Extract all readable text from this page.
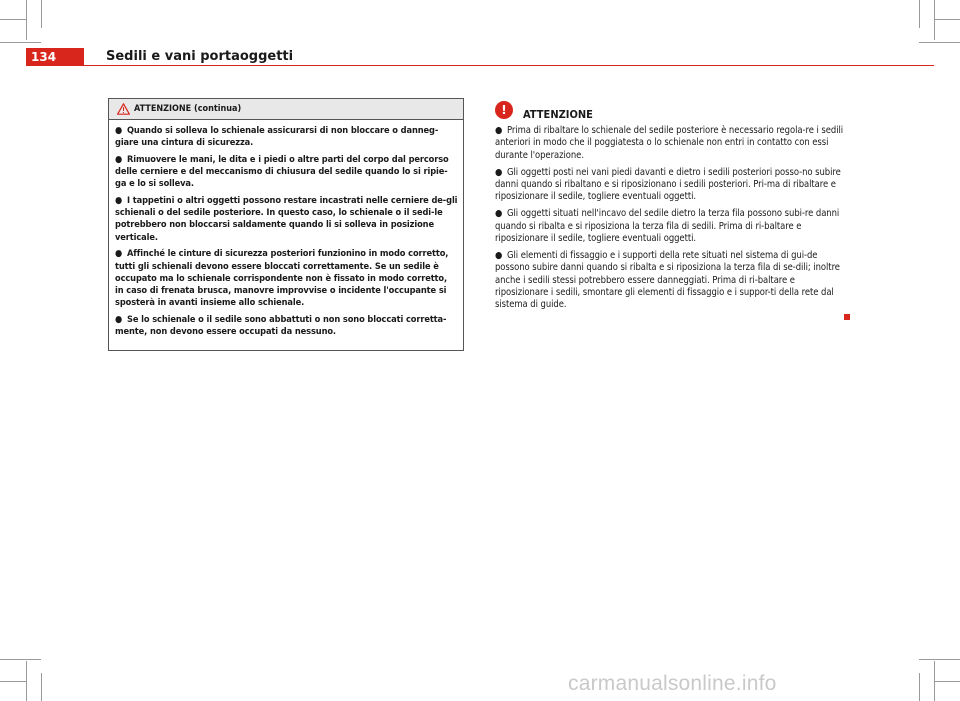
134	Sedili e vani portaoggetti
ATTENZIONE (continua)

● Quando si solleva lo schienale assicurarsi di non bloccare o danneg-giare una cintura di sicurezza.

● Rimuovere le mani, le dita e i piedi o altre parti del corpo dal percorso delle cerniere e del meccanismo di chiusura del sedile quando lo si ripie-ga e lo si solleva.

● I tappetini o altri oggetti possono restare incastrati nelle cerniere de-gli schienali o del sedile posteriore. In questo caso, lo schienale o il sedi-le potrebbero non bloccarsi saldamente quando li si solleva in posizione verticale.

● Affinché le cinture di sicurezza posteriori funzionino in modo corretto, tutti gli schienali devono essere bloccati correttamente. Se un sedile è occupato ma lo schienale corrispondente non è fissato in modo corretto, in caso di frenata brusca, manovre improvvise o incidente l'occupante si sposterà in avanti insieme allo schienale.

● Se lo schienale o il sedile sono abbattuti o non sono bloccati corretta-mente, non devono essere occupati da nessuno.

!	ATTENZIONE

● Prima di ribaltare lo schienale del sedile posteriore è necessario regola-re i sedili anteriori in modo che il poggiatesta o lo schienale non entri in contatto con essi durante l'operazione.

● Gli oggetti posti nei vani piedi davanti e dietro i sedili posteriori posso-no subire danni quando si ribaltano e si riposizionano i sedili posteriori. Pri-ma di ribaltare e riposizionare il sedile, togliere eventuali oggetti.

● Gli oggetti situati nell'incavo del sedile dietro la terza fila possono subi-re danni quando si ribalta e si riposiziona la terza fila di sedili. Prima di ri-baltare e riposizionare il sedile, togliere eventuali oggetti.

● Gli elementi di fissaggio e i supporti della rete situati nel sistema di gui-de possono subire danni quando si ribalta e si riposiziona la terza fila di se-dili; inoltre anche i sedili stessi potrebbero essere danneggiati. Prima di ri-baltare e riposizionare i sedili, smontare gli elementi di fissaggio e i suppor-ti della rete dal sistema di guide.

carmanualsonline.info
